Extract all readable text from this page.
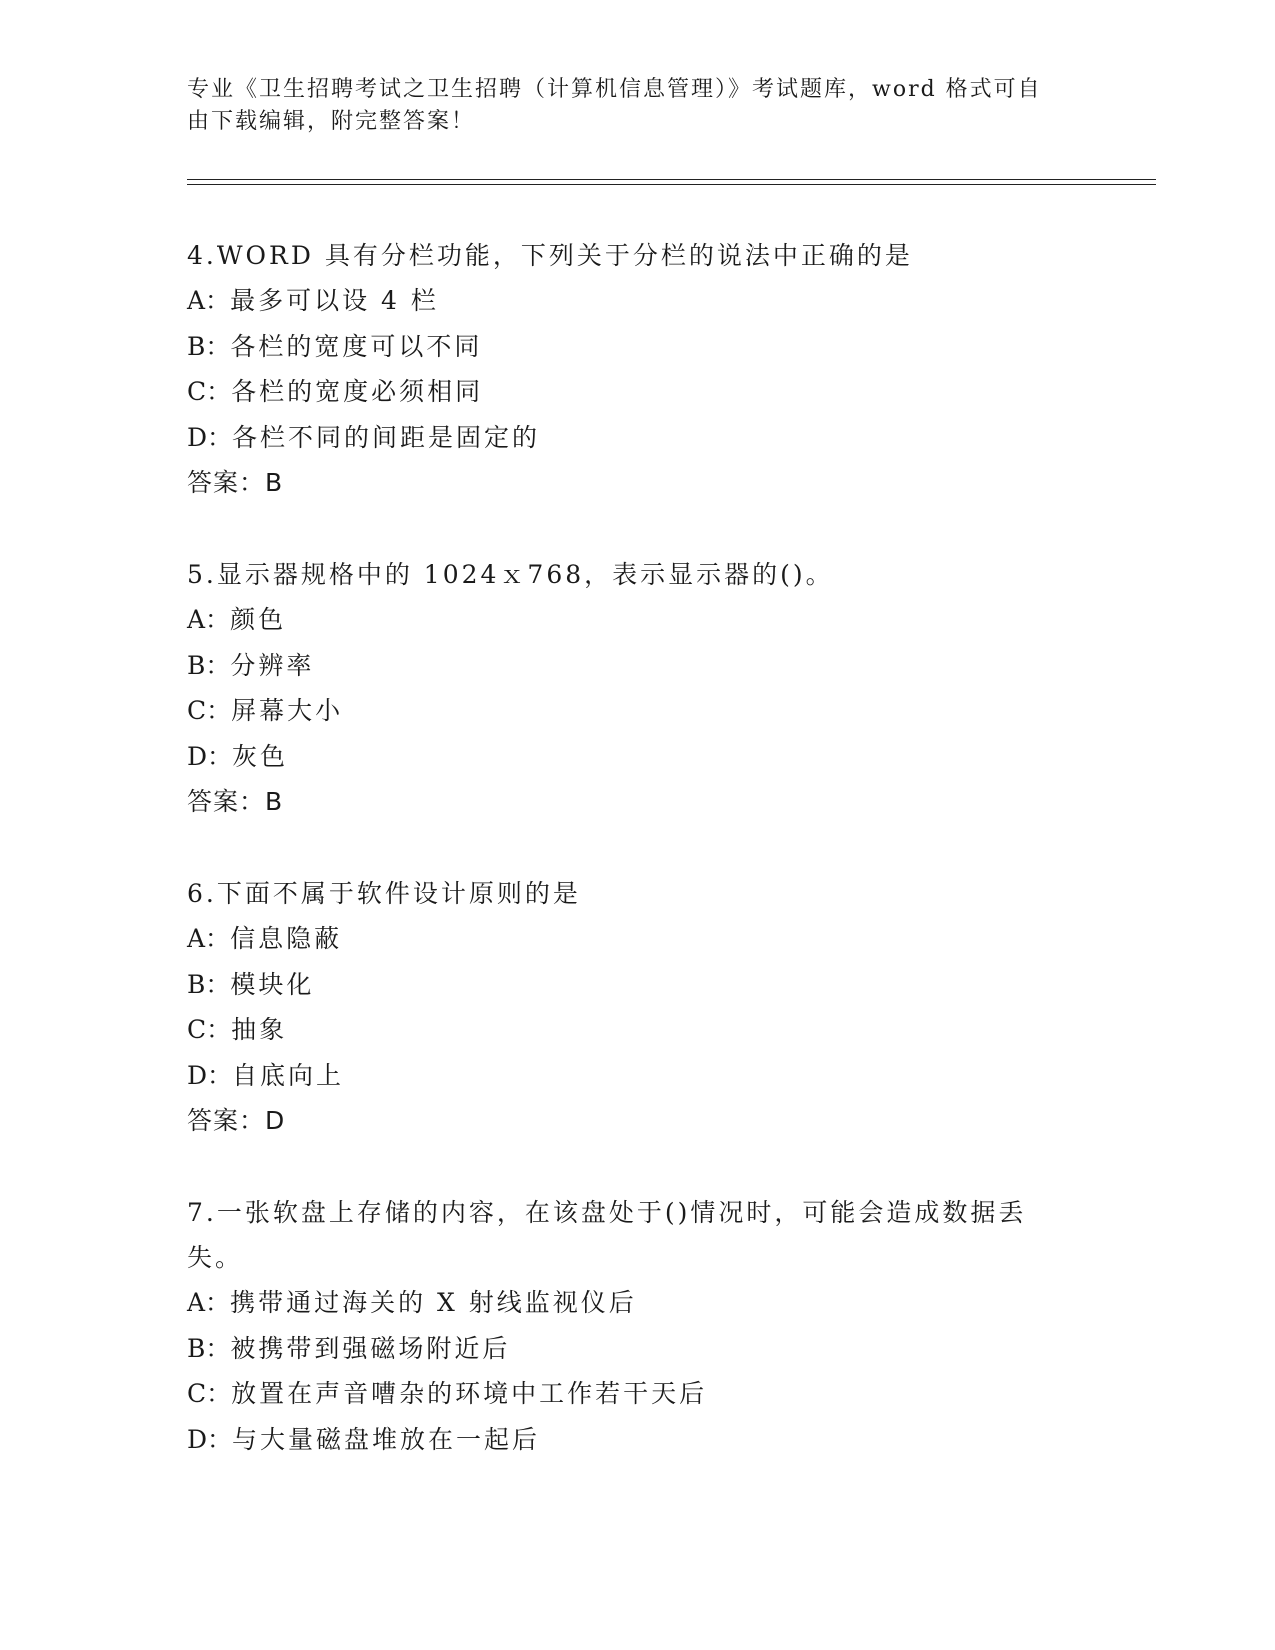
专业《卫生招聘考试之卫生招聘（计算机信息管理）》考试题库，word 格式可自
由下载编辑，附完整答案！
4.WORD 具有分栏功能，下列关于分栏的说法中正确的是
A：最多可以设 4 栏
B：各栏的宽度可以不同
C：各栏的宽度必须相同
D：各栏不同的间距是固定的
答案：B
5.显示器规格中的 1024ｘ768，表示显示器的()。
A：颜色
B：分辨率
C：屏幕大小
D：灰色
答案：B
6.下面不属于软件设计原则的是
A：信息隐蔽
B：模块化
C：抽象
D：自底向上
答案：D
7.一张软盘上存储的内容，在该盘处于()情况时，可能会造成数据丢
失。
A：携带通过海关的 X 射线监视仪后
B：被携带到强磁场附近后
C：放置在声音嘈杂的环境中工作若干天后
D：与大量磁盘堆放在一起后
